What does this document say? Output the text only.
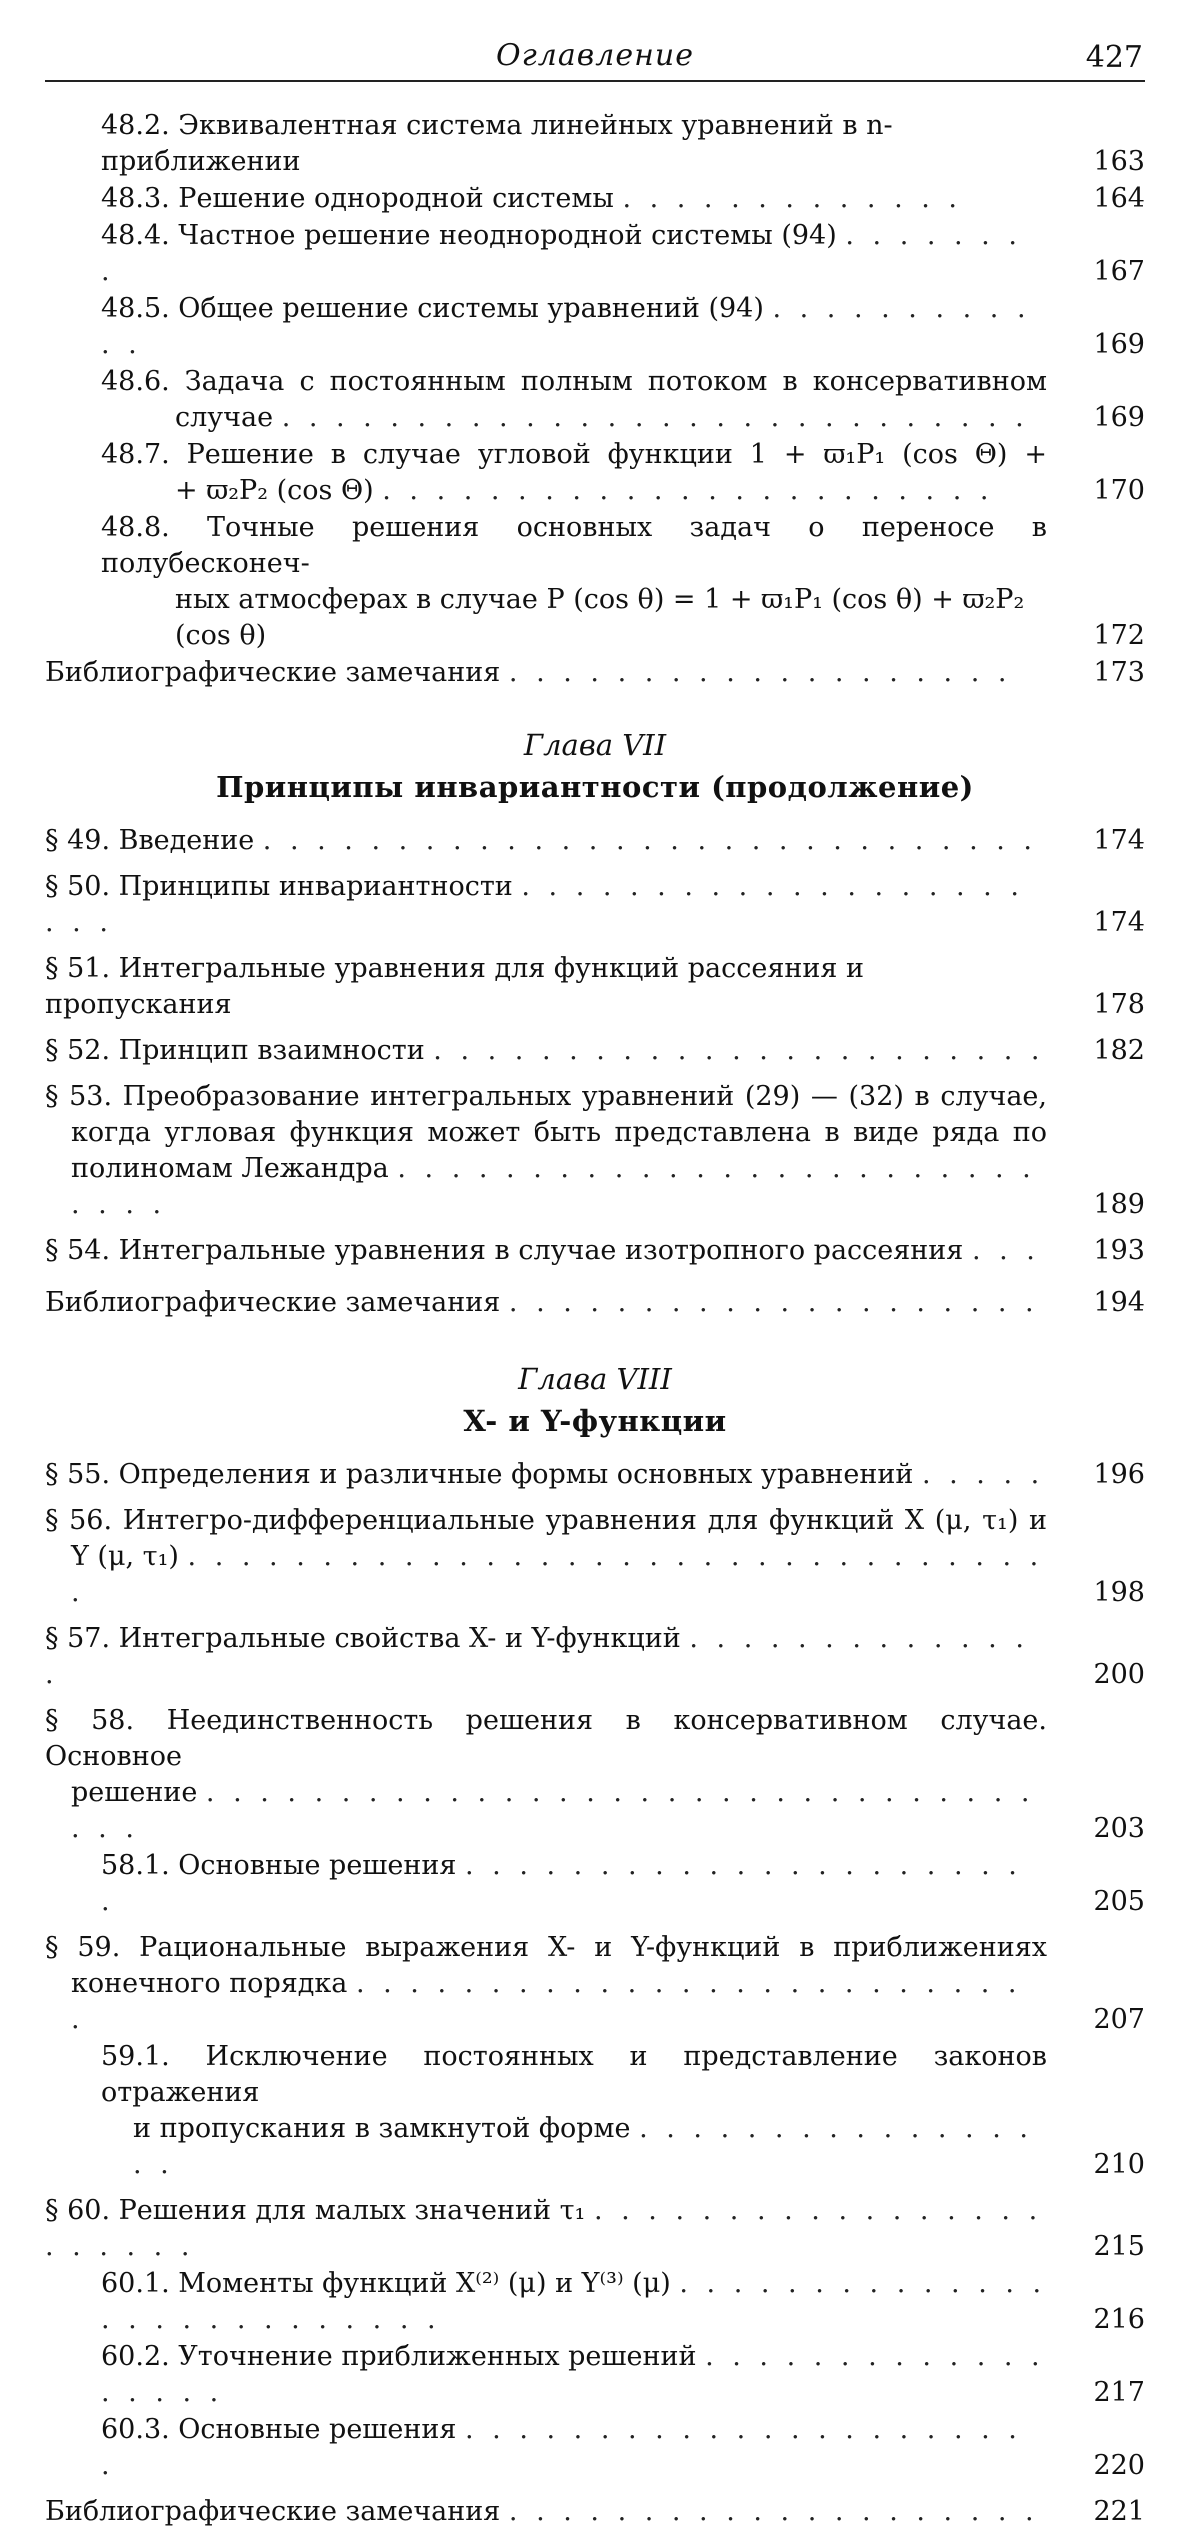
Оглавление	427
48.2. Эквивалентная система линейных уравнений в n-приближении	163
48.3. Решение однородной системы . . . . . . . . . . . . .	164
48.4. Частное решение неоднородной системы (94) . . . . . . . .	167
48.5. Общее решение системы уравнений (94) . . . . . . . . . . . .	169
48.6. Задача с постоянным полным потоком в консервативном
случае . . . . . . . . . . . . . . . . . . . . . . . . . . . .	169
48.7. Решение в случае угловой функции 1 + ϖ₁P₁ (cos Θ) +
+ ϖ₂P₂ (cos Θ) . . . . . . . . . . . . . . . . . . . . . . .	170
48.8. Точные решения основных задач о переносе в полубесконеч-
ных атмосферах в случае P (cos θ) = 1 + ϖ₁P₁ (cos θ) + ϖ₂P₂ (cos θ)	172
Библиографические замечания . . . . . . . . . . . . . . . . . . .	173
Глава VII
Принципы инвариантности (продолжение)
§ 49. Введение . . . . . . . . . . . . . . . . . . . . . . . . . . . . .	174
§ 50. Принципы инвариантности . . . . . . . . . . . . . . . . . . . . . .	174
§ 51. Интегральные уравнения для функций рассеяния и пропускания	178
§ 52. Принцип взаимности . . . . . . . . . . . . . . . . . . . . . . .	182
§ 53. Преобразование интегральных уравнений (29) — (32) в случае,
когда угловая функция может быть представлена в виде ряда по
полиномам Лежандра . . . . . . . . . . . . . . . . . . . . . . . . . . . .	189
§ 54. Интегральные уравнения в случае изотропного рассеяния . . .	193
Библиографические замечания . . . . . . . . . . . . . . . . . . . .	194
Глава VIII
X- и Y-функции
§ 55. Определения и различные формы основных уравнений . . . . .	196
§ 56. Интегро-дифференциальные уравнения для функций X (μ, τ₁) и
Y (μ, τ₁) . . . . . . . . . . . . . . . . . . . . . . . . . . . . . . . . .	198
§ 57. Интегральные свойства X- и Y-функций . . . . . . . . . . . . . .	200
§ 58. Неединственность решения в консервативном случае. Основное
решение . . . . . . . . . . . . . . . . . . . . . . . . . . . . . . . . . .	203
58.1. Основные решения . . . . . . . . . . . . . . . . . . . . . .	205
§ 59. Рациональные выражения X- и Y-функций в приближениях
конечного порядка . . . . . . . . . . . . . . . . . . . . . . . . . .	207
59.1. Исключение постоянных и представление законов отражения
и пропускания в замкнутой форме . . . . . . . . . . . . . . . . .	210
§ 60. Решения для малых значений τ₁ . . . . . . . . . . . . . . . . . . . . . . .	215
60.1. Моменты функций X⁽²⁾ (μ) и Y⁽³⁾ (μ) . . . . . . . . . . . . . . . . . . . . . . . . . . .	216
60.2. Уточнение приближенных решений . . . . . . . . . . . . . . . . . .	217
60.3. Основные решения . . . . . . . . . . . . . . . . . . . . . .	220
Библиографические замечания . . . . . . . . . . . . . . . . . . . .	221
